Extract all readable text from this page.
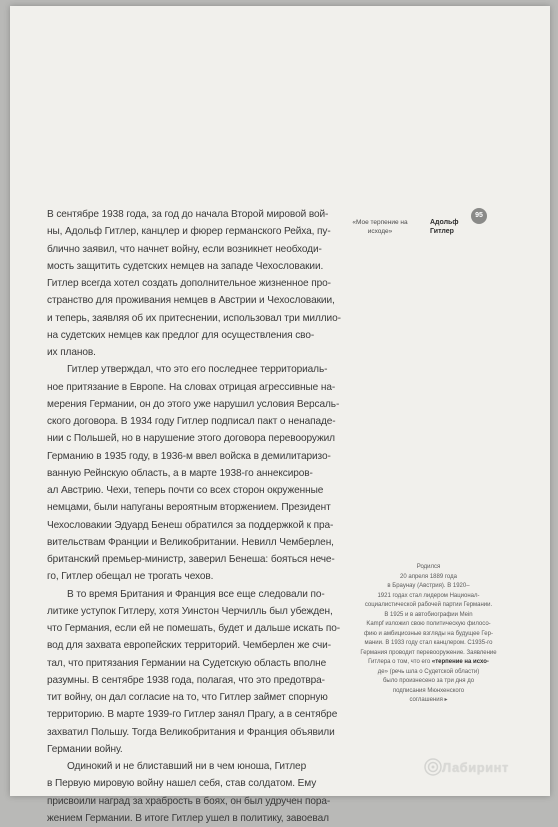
В сентябре 1938 года, за год до начала Второй мировой вой-
ны, Адольф Гитлер, канцлер и фюрер германского Рейха, пу-
блично заявил, что начнет войну, если возникнет необходи-
мость защитить судетских немцев на западе Чехословакии.
Гитлер всегда хотел создать дополнительное жизненное про-
странство для проживания немцев в Австрии и Чехословакии,
и теперь, заявляя об их притеснении, использовал три миллио-
на судетских немцев как предлог для осуществления сво-
их планов.

Гитлер утверждал, что это его последнее территориаль-
ное притязание в Европе. На словах отрицая агрессивные на-
мерения Германии, он до этого уже нарушил условия Версаль-
ского договора. В 1934 году Гитлер подписал пакт о ненападе-
нии с Польшей, но в нарушение этого договора перевооружил
Германию в 1935 году, в 1936-м ввел войска в демилитаризо-
ванную Рейнскую область, а в марте 1938-го аннексиров-
ал Австрию. Чехи, теперь почти со всех сторон окруженные
немцами, были напуганы вероятным вторжением. Президент
Чехословакии Эдуард Бенеш обратился за поддержкой к пра-
вительствам Франции и Великобритании. Невилл Чемберлен,
британский премьер-министр, заверил Бенеша: бояться нече-
го, Гитлер обещал не трогать чехов.

В то время Британия и Франция все еще следовали по-
литике уступок Гитлеру, хотя Уинстон Черчилль был убежден,
что Германия, если ей не помешать, будет и дальше искать по-
вод для захвата европейских территорий. Чемберлен же счи-
тал, что притязания Германии на Судетскую область вполне
разумны. В сентябре 1938 года, полагая, что это предотвра-
тит войну, он дал согласие на то, что Гитлер займет спорную
территорию. В марте 1939-го Гитлер занял Прагу, а в сентябре
захватил Польшу. Тогда Великобритания и Франция объявили
Германии войну.

Одинокий и не блиставший ни в чем юноша, Гитлер
в Первую мировую войну нашел себя, став солдатом. Ему
присвоили наград за храбрость в боях, он был удручен пора-
жением Германии. В итоге Гитлер ушел в политику, завоевал

«Мое терпение на исходе»
Адольф Гитлер
95
Родился
20 апреля 1889 года
в Браунау (Австрия). В 1920–
1921 годах стал лидером Национал-
социалистической рабочей партии Германии.
В 1925 и в автобиографии Mein
Kampf изложил свою политическую филосо-
фию и амбициозные взгляды на будущее Гер-
мании. В 1933 году стал канцлером. С1935-го
Германия проводит перевооружение. Заявление
Гитлера о том, что его «терпение на исхо-
де» (речь шла о Судетской области)
было произнесено за три дня до
подписания Мюнхенского
соглашения ▸
Лабиринт
